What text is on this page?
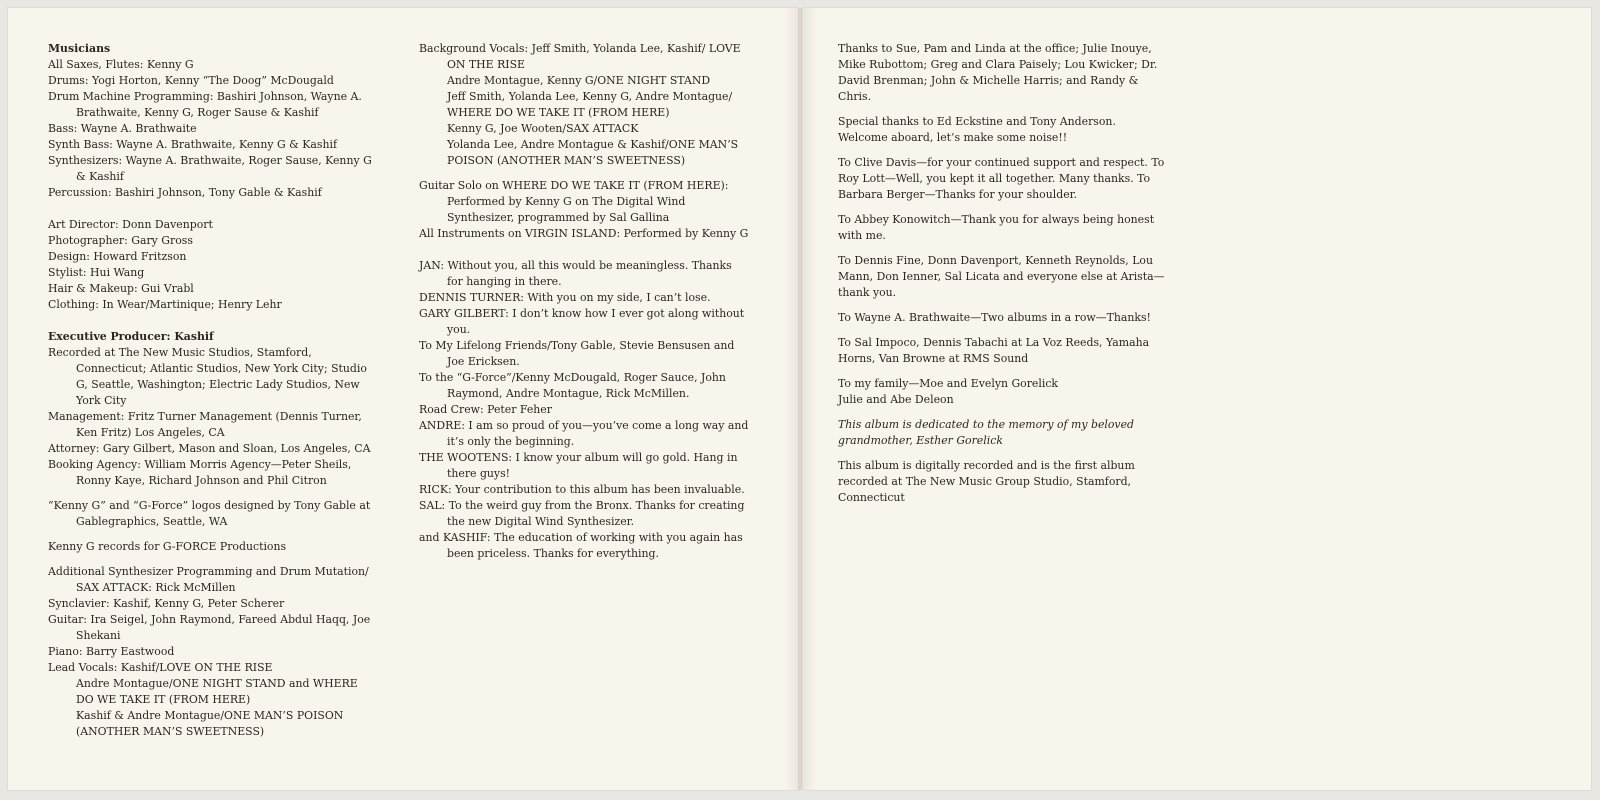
Musicians

All Saxes, Flutes: Kenny G

Drums: Yogi Horton, Kenny “The Doog” McDougald

Drum Machine Programming: Bashiri Johnson, Wayne A. Brathwaite, Kenny G, Roger Sause & Kashif

Bass: Wayne A. Brathwaite

Synth Bass: Wayne A. Brathwaite, Kenny G & Kashif

Synthesizers: Wayne A. Brathwaite, Roger Sause, Kenny G & Kashif

Percussion: Bashiri Johnson, Tony Gable & Kashif

Art Director: Donn Davenport

Photographer: Gary Gross

Design: Howard Fritzson

Stylist: Hui Wang

Hair & Makeup: Gui Vrabl

Clothing: In Wear/Martinique; Henry Lehr

Executive Producer: Kashif

Recorded at The New Music Studios, Stamford, Connecticut; Atlantic Studios, New York City; Studio G, Seattle, Washington; Electric Lady Studios, New York City

Management: Fritz Turner Management (Dennis Turner, Ken Fritz) Los Angeles, CA

Attorney: Gary Gilbert, Mason and Sloan, Los Angeles, CA

Booking Agency: William Morris Agency—Peter Sheils, Ronny Kaye, Richard Johnson and Phil Citron

“Kenny G” and “G-Force” logos designed by Tony Gable at Gablegraphics, Seattle, WA

Kenny G records for G-FORCE Productions

Additional Synthesizer Programming and Drum Mutation/ SAX ATTACK: Rick McMillen

Synclavier: Kashif, Kenny G, Peter Scherer

Guitar: Ira Seigel, John Raymond, Fareed Abdul Haqq, Joe Shekani

Piano: Barry Eastwood

Lead Vocals: Kashif/LOVE ON THE RISE

Andre Montague/ONE NIGHT STAND and WHERE DO WE TAKE IT (FROM HERE)

Kashif & Andre Montague/ONE MAN’S POISON (ANOTHER MAN’S SWEETNESS)

Background Vocals: Jeff Smith, Yolanda Lee, Kashif/ LOVE ON THE RISE

Andre Montague, Kenny G/ONE NIGHT STAND

Jeff Smith, Yolanda Lee, Kenny G, Andre Montague/ WHERE DO WE TAKE IT (FROM HERE)

Kenny G, Joe Wooten/SAX ATTACK

Yolanda Lee, Andre Montague & Kashif/ONE MAN’S POISON (ANOTHER MAN’S SWEETNESS)

Guitar Solo on WHERE DO WE TAKE IT (FROM HERE): Performed by Kenny G on The Digital Wind Synthesizer, programmed by Sal Gallina

All Instruments on VIRGIN ISLAND: Performed by Kenny G

JAN: Without you, all this would be meaningless. Thanks for hanging in there.

DENNIS TURNER: With you on my side, I can’t lose.

GARY GILBERT: I don’t know how I ever got along without you.

To My Lifelong Friends/Tony Gable, Stevie Bensusen and Joe Ericksen.

To the “G-Force”/Kenny McDougald, Roger Sauce, John Raymond, Andre Montague, Rick McMillen.

Road Crew: Peter Feher

ANDRE: I am so proud of you—you’ve come a long way and it’s only the beginning.

THE WOOTENS: I know your album will go gold. Hang in there guys!

RICK: Your contribution to this album has been invaluable.

SAL: To the weird guy from the Bronx. Thanks for creating the new Digital Wind Synthesizer.

and KASHIF: The education of working with you again has been priceless. Thanks for everything.

Thanks to Sue, Pam and Linda at the office; Julie Inouye, Mike Rubottom; Greg and Clara Paisely; Lou Kwicker; Dr. David Brenman; John & Michelle Harris; and Randy & Chris.

Special thanks to Ed Eckstine and Tony Anderson. Welcome aboard, let’s make some noise!!

To Clive Davis—for your continued support and respect. To Roy Lott—Well, you kept it all together. Many thanks. To Barbara Berger—Thanks for your shoulder.

To Abbey Konowitch—Thank you for always being honest with me.

To Dennis Fine, Donn Davenport, Kenneth Reynolds, Lou Mann, Don Ienner, Sal Licata and everyone else at Arista—thank you.

To Wayne A. Brathwaite—Two albums in a row—Thanks!

To Sal Impoco, Dennis Tabachi at La Voz Reeds, Yamaha Horns, Van Browne at RMS Sound

To my family—Moe and Evelyn Gorelick

Julie and Abe Deleon

This album is dedicated to the memory of my beloved grandmother, Esther Gorelick

This album is digitally recorded and is the first album recorded at The New Music Group Studio, Stamford, Connecticut
